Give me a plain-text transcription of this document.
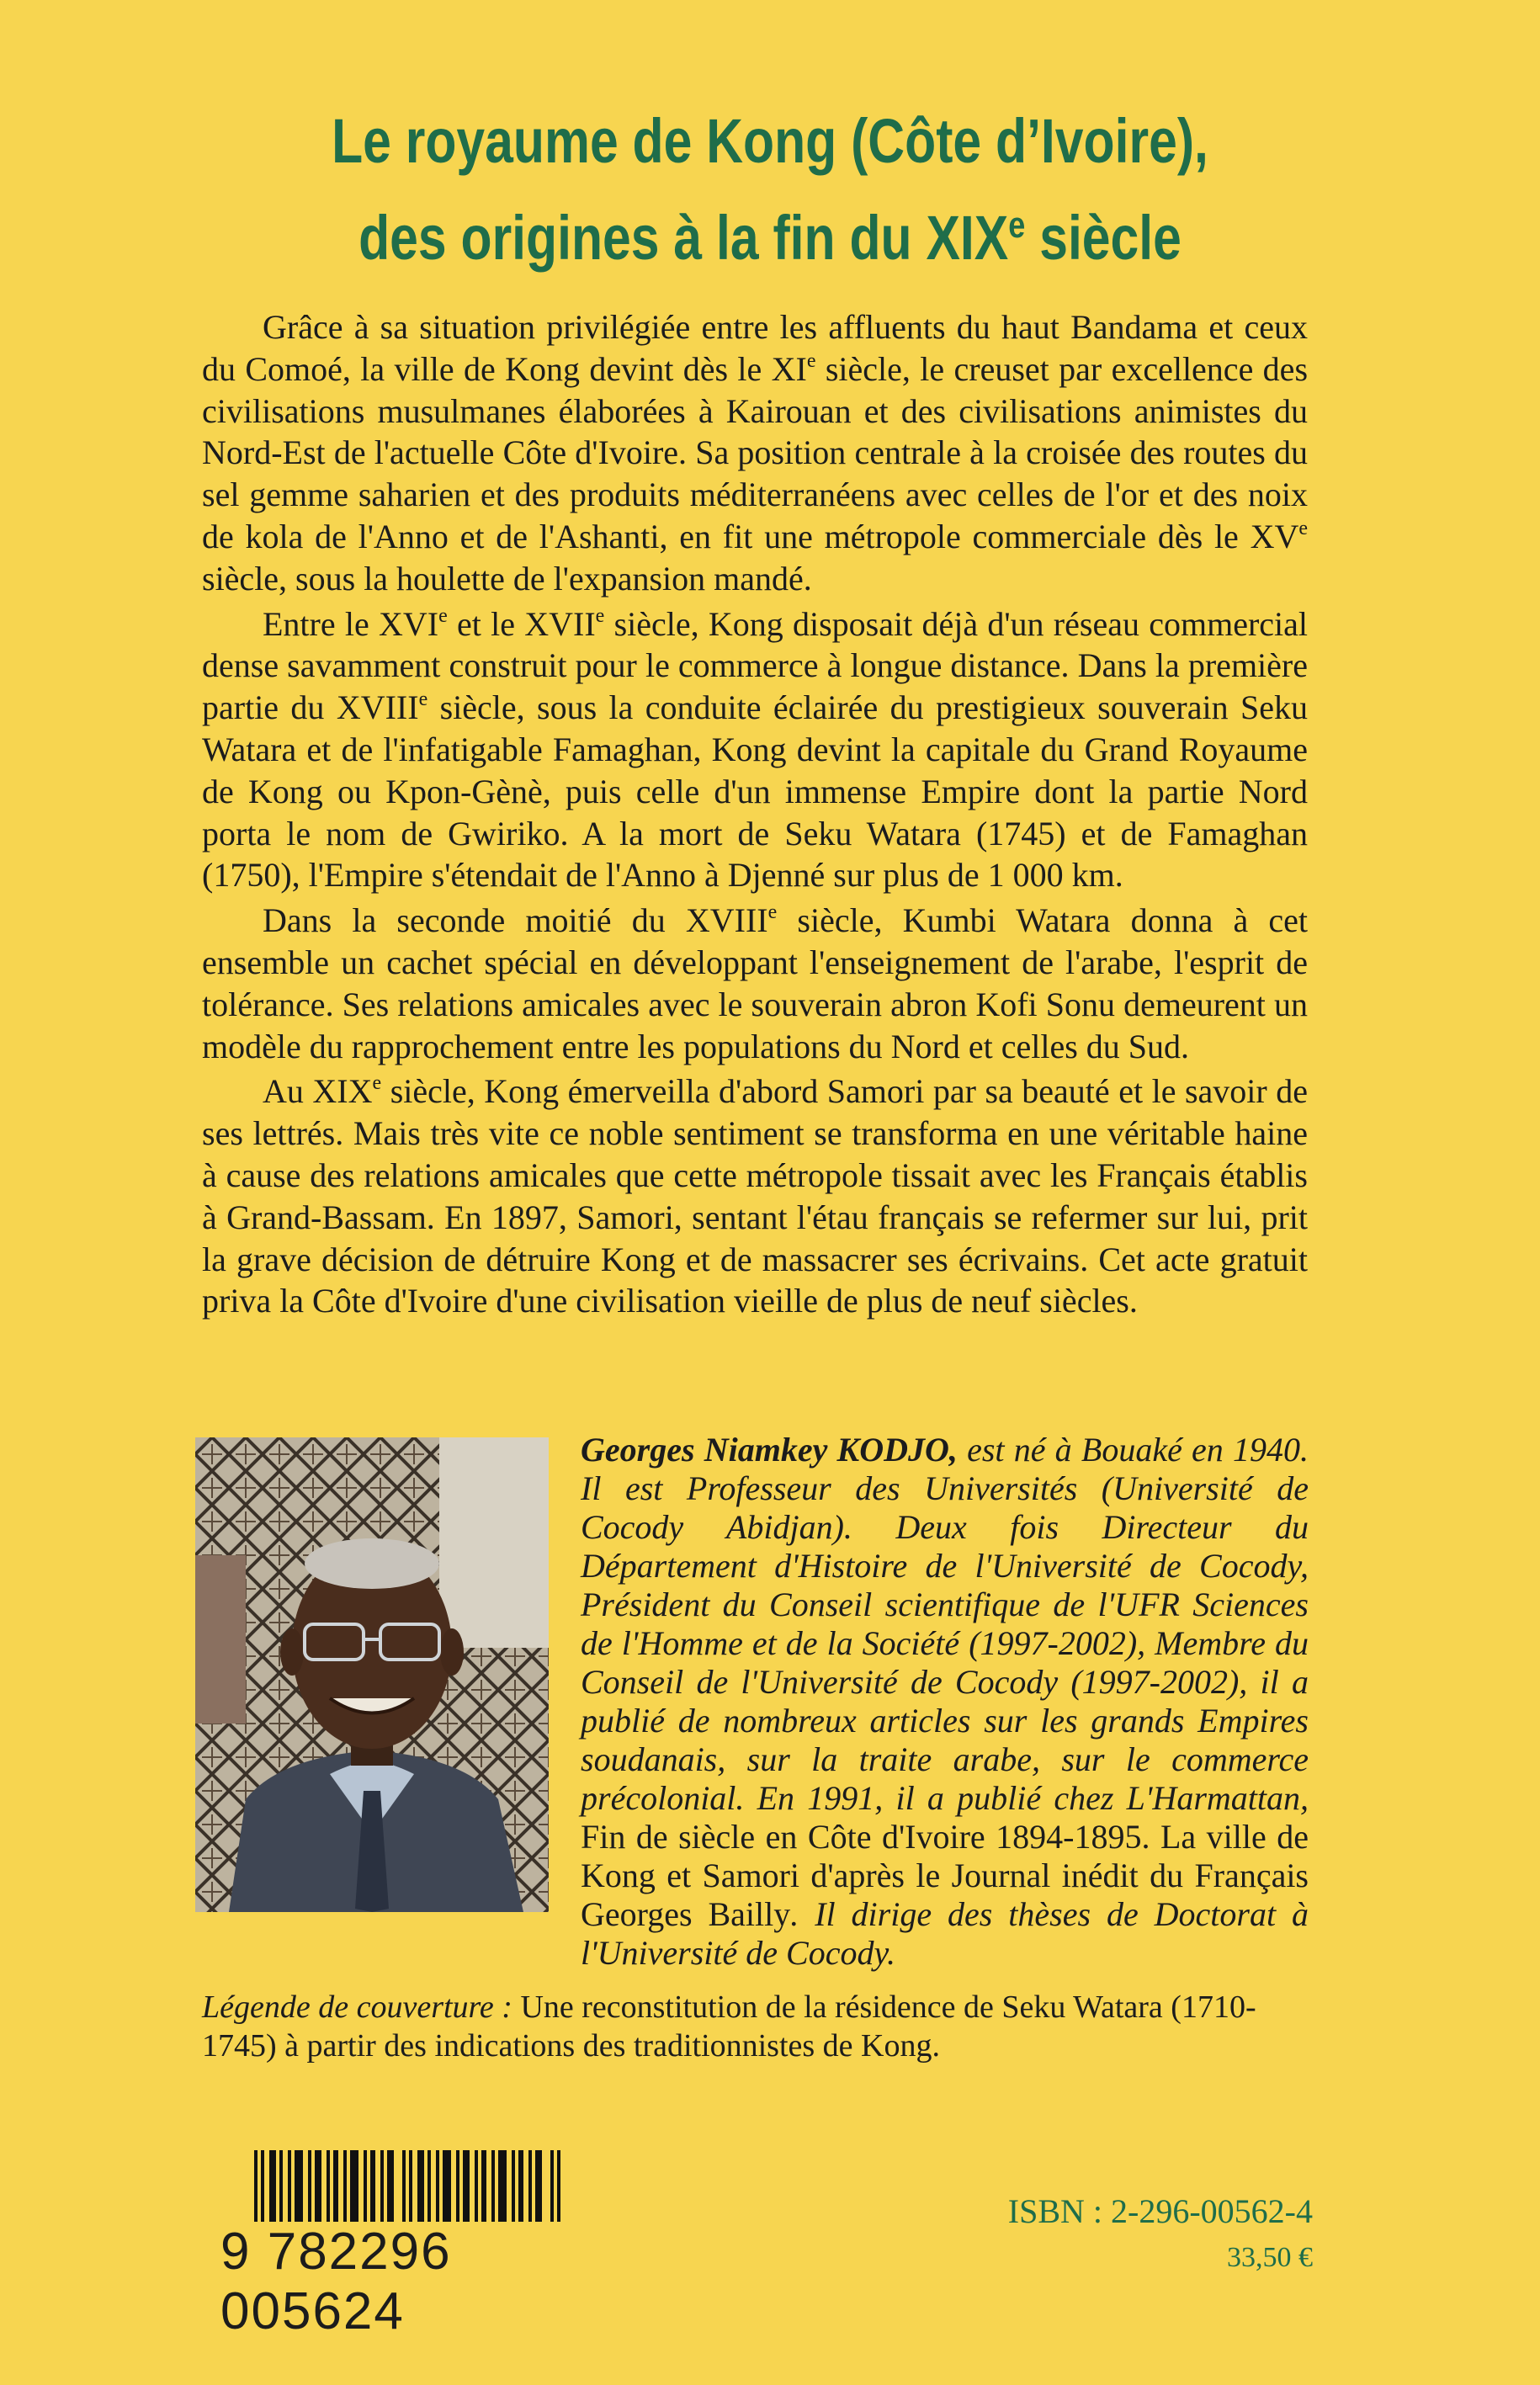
Le royaume de Kong (Côte d’Ivoire),
des origines à la fin du XIXe siècle

Grâce à sa situation privilégiée entre les affluents du haut Bandama et ceux du Comoé, la ville de Kong devint dès le XIe siècle, le creuset par excellence des civilisations musulmanes élaborées à Kairouan et des civilisations animistes du Nord-Est de l'actuelle Côte d'Ivoire. Sa position centrale à la croisée des routes du sel gemme saharien et des produits méditerranéens avec celles de l'or et des noix de kola de l'Anno et de l'Ashanti, en fit une métropole commerciale dès le XVe siècle, sous la houlette de l'expansion mandé.

Entre le XVIe et le XVIIe siècle, Kong disposait déjà d'un réseau commercial dense savamment construit pour le commerce à longue distance. Dans la première partie du XVIIIe siècle, sous la conduite éclairée du prestigieux souverain Seku Watara et de l'infatigable Famaghan, Kong devint la capitale du Grand Royaume de Kong ou Kpon-Gènè, puis celle d'un immense Empire dont la partie Nord porta le nom de Gwiriko. A la mort de Seku Watara (1745) et de Famaghan (1750), l'Empire s'étendait de l'Anno à Djenné sur plus de 1 000 km.

Dans la seconde moitié du XVIIIe siècle, Kumbi Watara donna à cet ensemble un cachet spécial en développant l'enseignement de l'arabe, l'esprit de tolérance. Ses relations amicales avec le souverain abron Kofi Sonu demeurent un modèle du rapprochement entre les populations du Nord et celles du Sud.

Au XIXe siècle, Kong émerveilla d'abord Samori par sa beauté et le savoir de ses lettrés. Mais très vite ce noble sentiment se transforma en une véritable haine à cause des relations amicales que cette métropole tissait avec les Français établis à Grand-Bassam. En 1897, Samori, sentant l'étau français se refermer sur lui, prit la grave décision de détruire Kong et de massacrer ses écrivains. Cet acte gratuit priva la Côte d'Ivoire d'une civilisation vieille de plus de neuf siècles.

Georges Niamkey KODJO, est né à Bouaké en 1940. Il est Professeur des Universités (Université de Cocody Abidjan). Deux fois Directeur du Département d'Histoire de l'Université de Cocody, Président du Conseil scientifique de l'UFR Sciences de l'Homme et de la Société (1997-2002), Membre du Conseil de l'Université de Cocody (1997-2002), il a publié de nombreux articles sur les grands Empires soudanais, sur la traite arabe, sur le commerce précolonial. En 1991, il a publié chez L'Harmattan, Fin de siècle en Côte d'Ivoire 1894-1895. La ville de Kong et Samori d'après le Journal inédit du Français Georges Bailly. Il dirige des thèses de Doctorat à l'Université de Cocody.
Légende de couverture : Une reconstitution de la résidence de Seku Watara (1710-1745) à partir des indications des traditionnistes de Kong.
9 782296 005624
ISBN : 2-296-00562-4
33,50 €
